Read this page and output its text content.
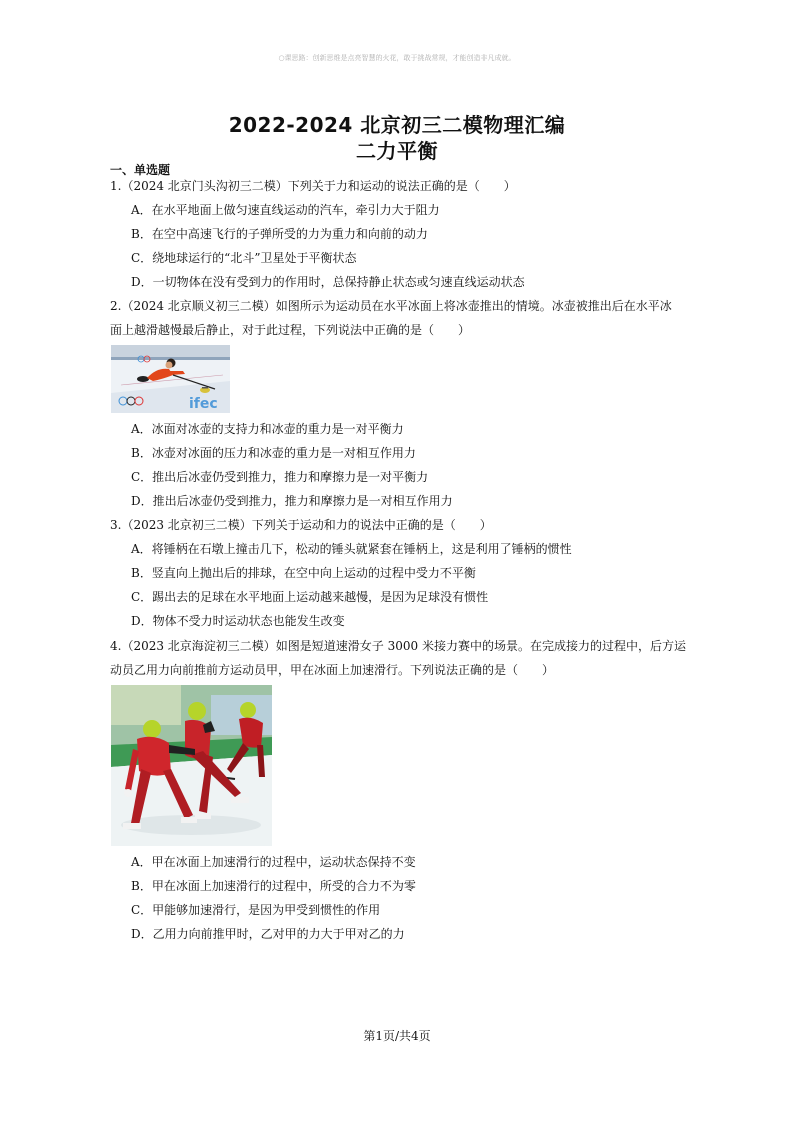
○课思路：创新思维是点亮智慧的火花，敢于挑战常规，才能创造非凡成就。
2022-2024 北京初三二模物理汇编
二力平衡
一、单选题
1.（2024 北京门头沟初三二模）下列关于力和运动的说法正确的是（　　）
A．在水平地面上做匀速直线运动的汽车，牵引力大于阻力
B．在空中高速飞行的子弹所受的力为重力和向前的动力
C．绕地球运行的“北斗”卫星处于平衡状态
D．一切物体在没有受到力的作用时，总保持静止状态或匀速直线运动状态
2.（2024 北京顺义初三二模）如图所示为运动员在水平冰面上将冰壶推出的情境。冰壶被推出后在水平冰
面上越滑越慢最后静止，对于此过程，下列说法中正确的是（　　）
ifec
A．冰面对冰壶的支持力和冰壶的重力是一对平衡力
B．冰壶对冰面的压力和冰壶的重力是一对相互作用力
C．推出后冰壶仍受到推力，推力和摩擦力是一对平衡力
D．推出后冰壶仍受到推力，推力和摩擦力是一对相互作用力
3.（2023 北京初三二模）下列关于运动和力的说法中正确的是（　　）
A．将锤柄在石墩上撞击几下，松动的锤头就紧套在锤柄上，这是利用了锤柄的惯性
B．竖直向上抛出后的排球，在空中向上运动的过程中受力不平衡
C．踢出去的足球在水平地面上运动越来越慢，是因为足球没有惯性
D．物体不受力时运动状态也能发生改变
4.（2023 北京海淀初三二模）如图是短道速滑女子 3000 米接力赛中的场景。在完成接力的过程中，后方运
动员乙用力向前推前方运动员甲，甲在冰面上加速滑行。下列说法正确的是（　　）
A．甲在冰面上加速滑行的过程中，运动状态保持不变
B．甲在冰面上加速滑行的过程中，所受的合力不为零
C．甲能够加速滑行，是因为甲受到惯性的作用
D．乙用力向前推甲时，乙对甲的力大于甲对乙的力
第1页/共4页
